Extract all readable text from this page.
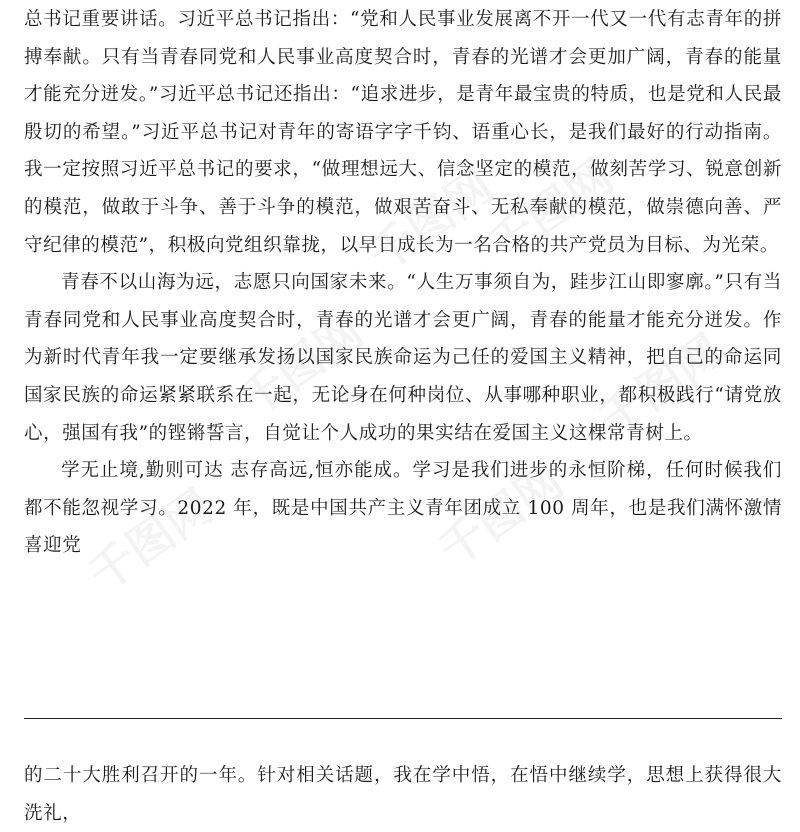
千图网
千图网
千图网	千图网
千图网	千图网

总书记重要讲话。习近平总书记指出：“党和人民事业发展离不开一代又一代有志青年的拼搏奉献。只有当青春同党和人民事业高度契合时，青春的光谱才会更加广阔，青春的能量才能充分迸发。”习近平总书记还指出：“追求进步，是青年最宝贵的特质，也是党和人民最殷切的希望。”习近平总书记对青年的寄语字字千钧、语重心长，是我们最好的行动指南。我一定按照习近平总书记的要求，“做理想远大、信念坚定的模范，做刻苦学习、锐意创新的模范，做敢于斗争、善于斗争的模范，做艰苦奋斗、无私奉献的模范，做崇德向善、严守纪律的模范”，积极向党组织靠拢，以早日成长为一名合格的共产党员为目标、为光荣。

青春不以山海为远，志愿只向国家未来。“人生万事须自为，跬步江山即寥廓。”只有当青春同党和人民事业高度契合时，青春的光谱才会更广阔，青春的能量才能充分迸发。作为新时代青年我一定要继承发扬以国家民族命运为己任的爱国主义精神，把自己的命运同国家民族的命运紧紧联系在一起，无论身在何种岗位、从事哪种职业，都积极践行“请党放心，强国有我”的铿锵誓言，自觉让个人成功的果实结在爱国主义这棵常青树上。

学无止境,勤则可达 志存高远,恒亦能成。学习是我们进步的永恒阶梯，任何时候我们都不能忽视学习。2022 年，既是中国共产主义青年团成立 100 周年，也是我们满怀激情喜迎党

的二十大胜利召开的一年。针对相关话题，我在学中悟，在悟中继续学，思想上获得很大洗礼，
